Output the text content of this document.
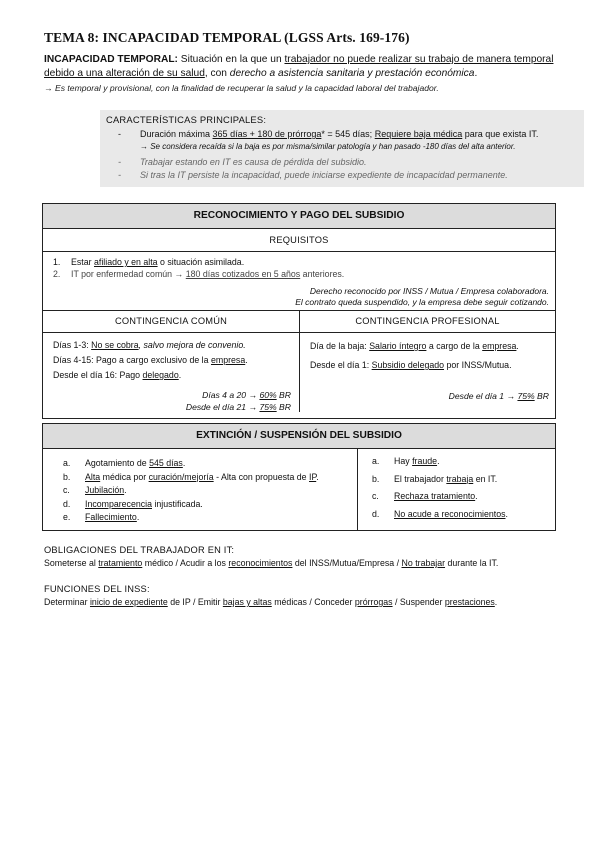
TEMA 8: INCAPACIDAD TEMPORAL (LGSS Arts. 169-176)
INCAPACIDAD TEMPORAL: Situación en la que un trabajador no puede realizar su trabajo de manera temporal debido a una alteración de su salud, con derecho a asistencia sanitaria y prestación económica.
→ Es temporal y provisional, con la finalidad de recuperar la salud y la capacidad laboral del trabajador.
CARACTERÍSTICAS PRINCIPALES:
- Duración máxima 365 días + 180 de prórroga* = 545 días; Requiere baja médica para que exista IT.
→ Se considera recaída si la baja es por misma/similar patología y han pasado -180 días del alta anterior.
- Trabajar estando en IT es causa de pérdida del subsidio.
- Si tras la IT persiste la incapacidad, puede iniciarse expediente de incapacidad permanente.
RECONOCIMIENTO Y PAGO DEL SUBSIDIO
REQUISITOS
1. Estar afiliado y en alta o situación asimilada.
2. IT por enfermedad común → 180 días cotizados en 5 años anteriores.
Derecho reconocido por INSS / Mutua / Empresa colaboradora.
El contrato queda suspendido, y la empresa debe seguir cotizando.
CONTINGENCIA COMÚN
Días 1-3: No se cobra, salvo mejora de convenio.
Días 4-15: Pago a cargo exclusivo de la empresa.
Desde el día 16: Pago delegado.
Días 4 a 20 → 60% BR
Desde el día 21 → 75% BR
CONTINGENCIA PROFESIONAL
Día de la baja: Salario íntegro a cargo de la empresa.
Desde el día 1: Subsidio delegado por INSS/Mutua.
Desde el día 1 → 75% BR
EXTINCIÓN / SUSPENSIÓN DEL SUBSIDIO
a. Agotamiento de 545 días.
b. Alta médica por curación/mejoría - Alta con propuesta de IP.
c. Jubilación.
d. Incomparecencia injustificada.
e. Fallecimiento.
a. Hay fraude.
b. El trabajador trabaja en IT.
c. Rechaza tratamiento.
d. No acude a reconocimientos.
OBLIGACIONES DEL TRABAJADOR EN IT:
Someterse al tratamiento médico / Acudir a los reconocimientos del INSS/Mutua/Empresa / No trabajar durante la IT.
FUNCIONES DEL INSS:
Determinar inicio de expediente de IP / Emitir bajas y altas médicas / Conceder prórrogas / Suspender prestaciones.
